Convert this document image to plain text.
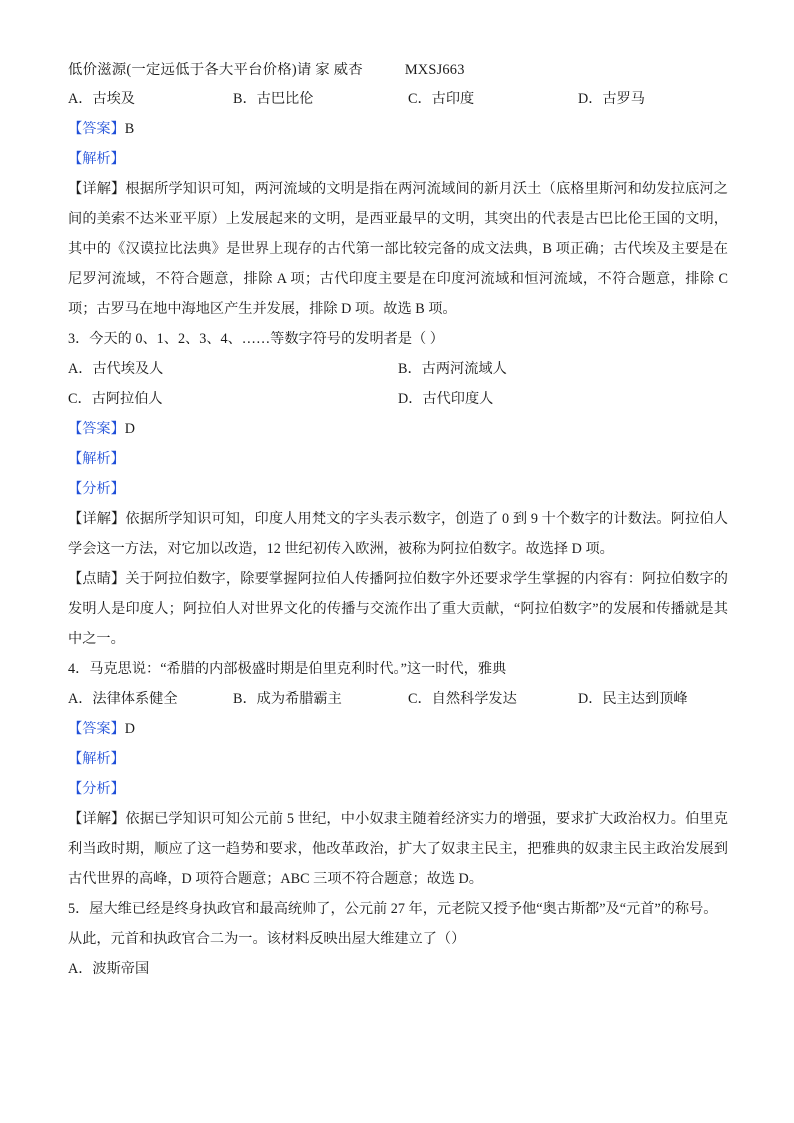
低价滋源(一定远低于各大平台价格)请 家 威杏	MXSJ663
A．古埃及	B．古巴比伦	C．古印度	D．古罗马
【答案】B
【解析】

【详解】根据所学知识可知，两河流域的文明是指在两河流域间的新月沃土（底格里斯河和幼发拉底河之间的美索不达米亚平原）上发展起来的文明，是西亚最早的文明，其突出的代表是古巴比伦王国的文明，其中的《汉谟拉比法典》是世界上现存的古代第一部比较完备的成文法典，B 项正确；古代埃及主要是在尼罗河流域，不符合题意，排除 A 项；古代印度主要是在印度河流域和恒河流域，不符合题意，排除 C 项；古罗马在地中海地区产生并发展，排除 D 项。故选 B 项。

3．今天的 0、1、2、3、4、……等数字符号的发明者是（ ）

A．古代埃及人	B．古两河流域人
C．古阿拉伯人	D．古代印度人
【答案】D
【解析】
【分析】

【详解】依据所学知识可知，印度人用梵文的字头表示数字，创造了 0 到 9 十个数字的计数法。阿拉伯人学会这一方法，对它加以改造，12 世纪初传入欧洲，被称为阿拉伯数字。故选择 D 项。

【点睛】关于阿拉伯数字，除要掌握阿拉伯人传播阿拉伯数字外还要求学生掌握的内容有：阿拉伯数字的发明人是印度人；阿拉伯人对世界文化的传播与交流作出了重大贡献，“阿拉伯数字”的发展和传播就是其中之一。

4．马克思说：“希腊的内部极盛时期是伯里克利时代。”这一时代，雅典

A．法律体系健全	B．成为希腊霸主	C．自然科学发达	D．民主达到顶峰
【答案】D
【解析】
【分析】

【详解】依据已学知识可知公元前 5 世纪，中小奴隶主随着经济实力的增强，要求扩大政治权力。伯里克利当政时期，顺应了这一趋势和要求，他改革政治，扩大了奴隶主民主，把雅典的奴隶主民主政治发展到古代世界的高峰，D 项符合题意；ABC 三项不符合题意；故选 D。

5．屋大维已经是终身执政官和最高统帅了，公元前 27 年，元老院又授予他“奥古斯都”及“元首”的称号。

从此，元首和执政官合二为一。该材料反映出屋大维建立了（）

A．波斯帝国
